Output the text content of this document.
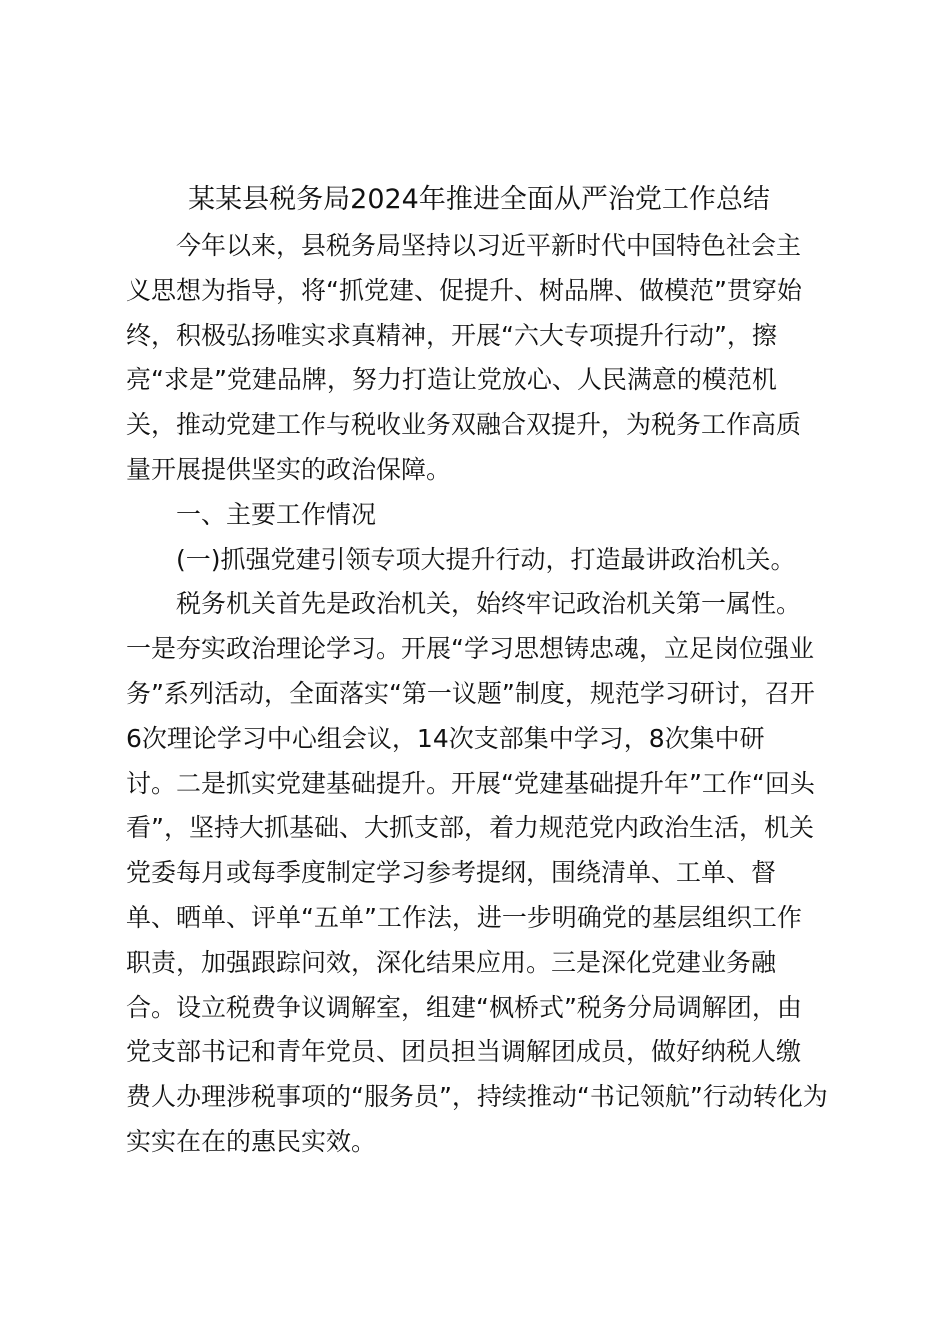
某某县税务局2024年推进全面从严治党工作总结

今年以来，县税务局坚持以习近平新时代中国特色社会主
义思想为指导，将“抓党建、促提升、树品牌、做模范”贯穿始
终，积极弘扬唯实求真精神，开展“六大专项提升行动”，擦
亮“求是”党建品牌，努力打造让党放心、人民满意的模范机
关，推动党建工作与税收业务双融合双提升，为税务工作高质
量开展提供坚实的政治保障。

一、主要工作情况

(一)抓强党建引领专项大提升行动，打造最讲政治机关。

税务机关首先是政治机关，始终牢记政治机关第一属性。
一是夯实政治理论学习。开展“学习思想铸忠魂，立足岗位强业
务”系列活动，全面落实“第一议题”制度，规范学习研讨，召开
6次理论学习中心组会议，14次支部集中学习，8次集中研
讨。二是抓实党建基础提升。开展“党建基础提升年”工作“回头
看”，坚持大抓基础、大抓支部，着力规范党内政治生活，机关
党委每月或每季度制定学习参考提纲，围绕清单、工单、督
单、晒单、评单“五单”工作法，进一步明确党的基层组织工作
职责，加强跟踪问效，深化结果应用。三是深化党建业务融
合。设立税费争议调解室，组建“枫桥式”税务分局调解团，由
党支部书记和青年党员、团员担当调解团成员，做好纳税人缴
费人办理涉税事项的“服务员”，持续推动“书记领航”行动转化为
实实在在的惠民实效。
